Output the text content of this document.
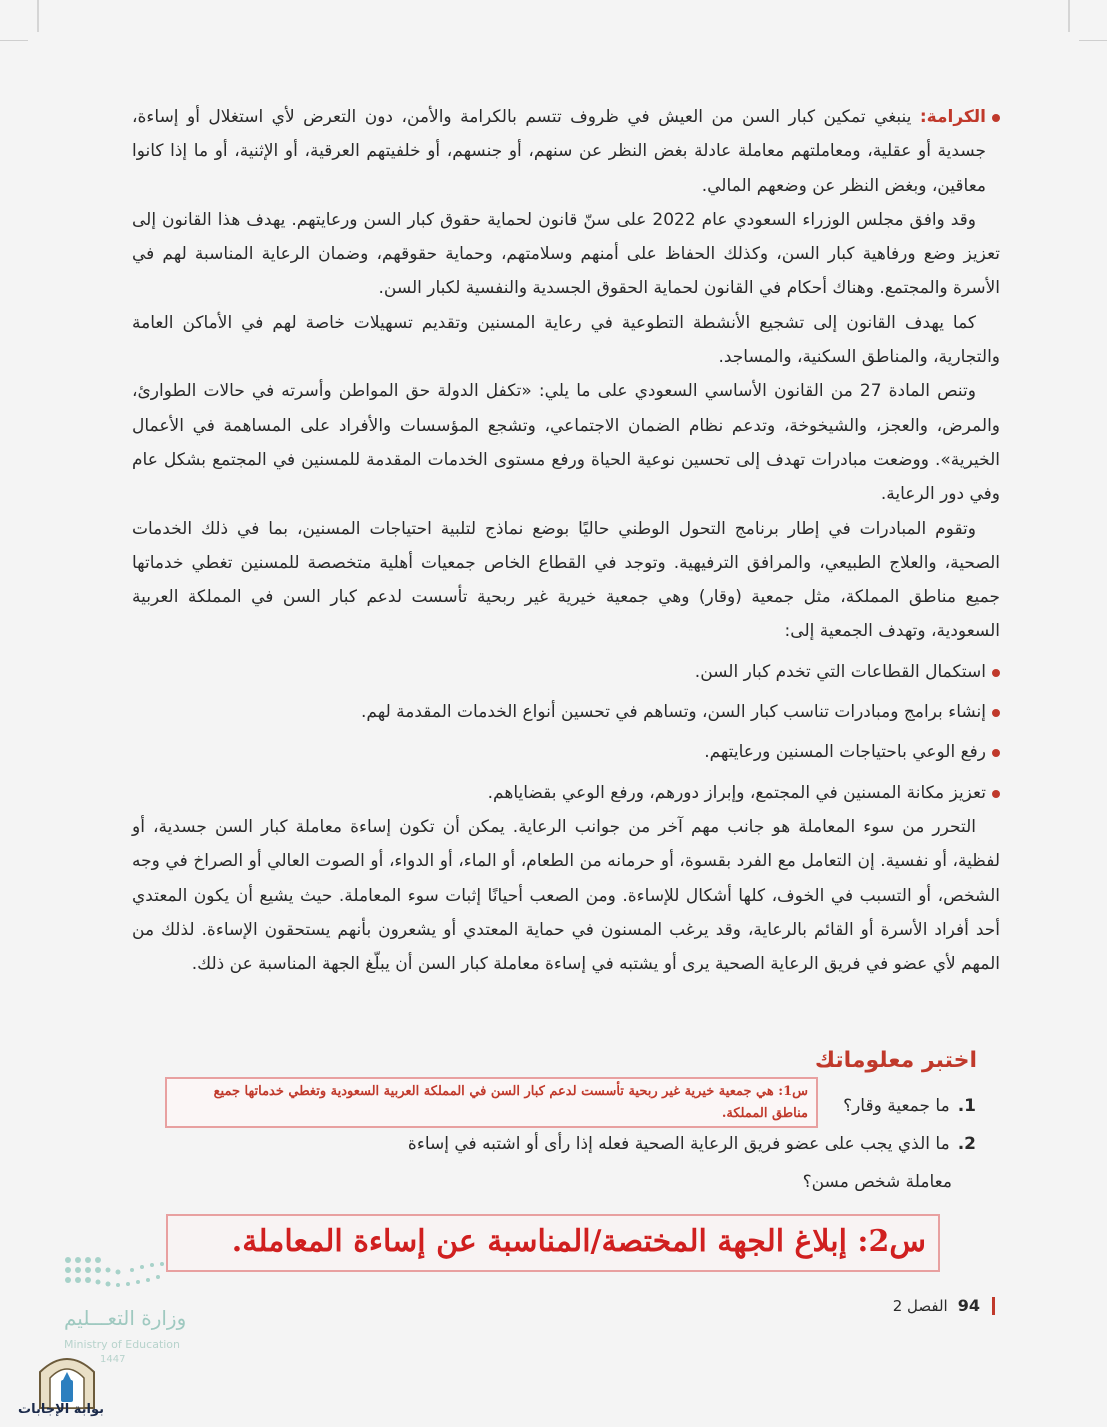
الكرامة: ينبغي تمكين كبار السن من العيش في ظروف تتسم بالكرامة والأمن، دون التعرض لأي استغلال أو إساءة، جسدية أو عقلية، ومعاملتهم معاملة عادلة بغض النظر عن سنهم، أو جنسهم، أو خلفيتهم العرقية، أو الإثنية، أو ما إذا كانوا معاقين، وبغض النظر عن وضعهم المالي.

وقد وافق مجلس الوزراء السعودي عام 2022 على سنّ قانون لحماية حقوق كبار السن ورعايتهم. يهدف هذا القانون إلى تعزيز وضع ورفاهية كبار السن، وكذلك الحفاظ على أمنهم وسلامتهم، وحماية حقوقهم، وضمان الرعاية المناسبة لهم في الأسرة والمجتمع. وهناك أحكام في القانون لحماية الحقوق الجسدية والنفسية لكبار السن.

كما يهدف القانون إلى تشجيع الأنشطة التطوعية في رعاية المسنين وتقديم تسهيلات خاصة لهم في الأماكن العامة والتجارية، والمناطق السكنية، والمساجد.

وتنص المادة 27 من القانون الأساسي السعودي على ما يلي: «تكفل الدولة حق المواطن وأسرته في حالات الطوارئ، والمرض، والعجز، والشيخوخة، وتدعم نظام الضمان الاجتماعي، وتشجع المؤسسات والأفراد على المساهمة في الأعمال الخيرية». ووضعت مبادرات تهدف إلى تحسين نوعية الحياة ورفع مستوى الخدمات المقدمة للمسنين في المجتمع بشكل عام وفي دور الرعاية.

وتقوم المبادرات في إطار برنامج التحول الوطني حاليًا بوضع نماذج لتلبية احتياجات المسنين، بما في ذلك الخدمات الصحية، والعلاج الطبيعي، والمرافق الترفيهية. وتوجد في القطاع الخاص جمعيات أهلية متخصصة للمسنين تغطي خدماتها جميع مناطق المملكة، مثل جمعية (وقار) وهي جمعية خيرية غير ربحية تأسست لدعم كبار السن في المملكة العربية السعودية، وتهدف الجمعية إلى:

استكمال القطاعات التي تخدم كبار السن.

إنشاء برامج ومبادرات تناسب كبار السن، وتساهم في تحسين أنواع الخدمات المقدمة لهم.

رفع الوعي باحتياجات المسنين ورعايتهم.

تعزيز مكانة المسنين في المجتمع، وإبراز دورهم، ورفع الوعي بقضاياهم.

التحرر من سوء المعاملة هو جانب مهم آخر من جوانب الرعاية. يمكن أن تكون إساءة معاملة كبار السن جسدية، أو لفظية، أو نفسية. إن التعامل مع الفرد بقسوة، أو حرمانه من الطعام، أو الماء، أو الدواء، أو الصوت العالي أو الصراخ في وجه الشخص، أو التسبب في الخوف، كلها أشكال للإساءة. ومن الصعب أحيانًا إثبات سوء المعاملة. حيث يشيع أن يكون المعتدي أحد أفراد الأسرة أو القائم بالرعاية، وقد يرغب المسنون في حماية المعتدي أو يشعرون بأنهم يستحقون الإساءة. لذلك من المهم لأي عضو في فريق الرعاية الصحية يرى أو يشتبه في إساءة معاملة كبار السن أن يبلّغ الجهة المناسبة عن ذلك.

اختبر معلوماتك
1.ما جمعية وقار؟
س1: هي جمعية خيرية غير ربحية تأسست لدعم كبار السن في المملكة العربية السعودية وتغطي خدماتها جميع مناطق المملكة.
2.ما الذي يجب على عضو فريق الرعاية الصحية فعله إذا رأى أو اشتبه في إساءة
معاملة شخص مسن؟
س2: إبلاغ الجهة المختصة/المناسبة عن إساءة المعاملة.
94
الفصل 2
وزارة التعـــليم
Ministry of Education
1447
بوابة الإجابات
